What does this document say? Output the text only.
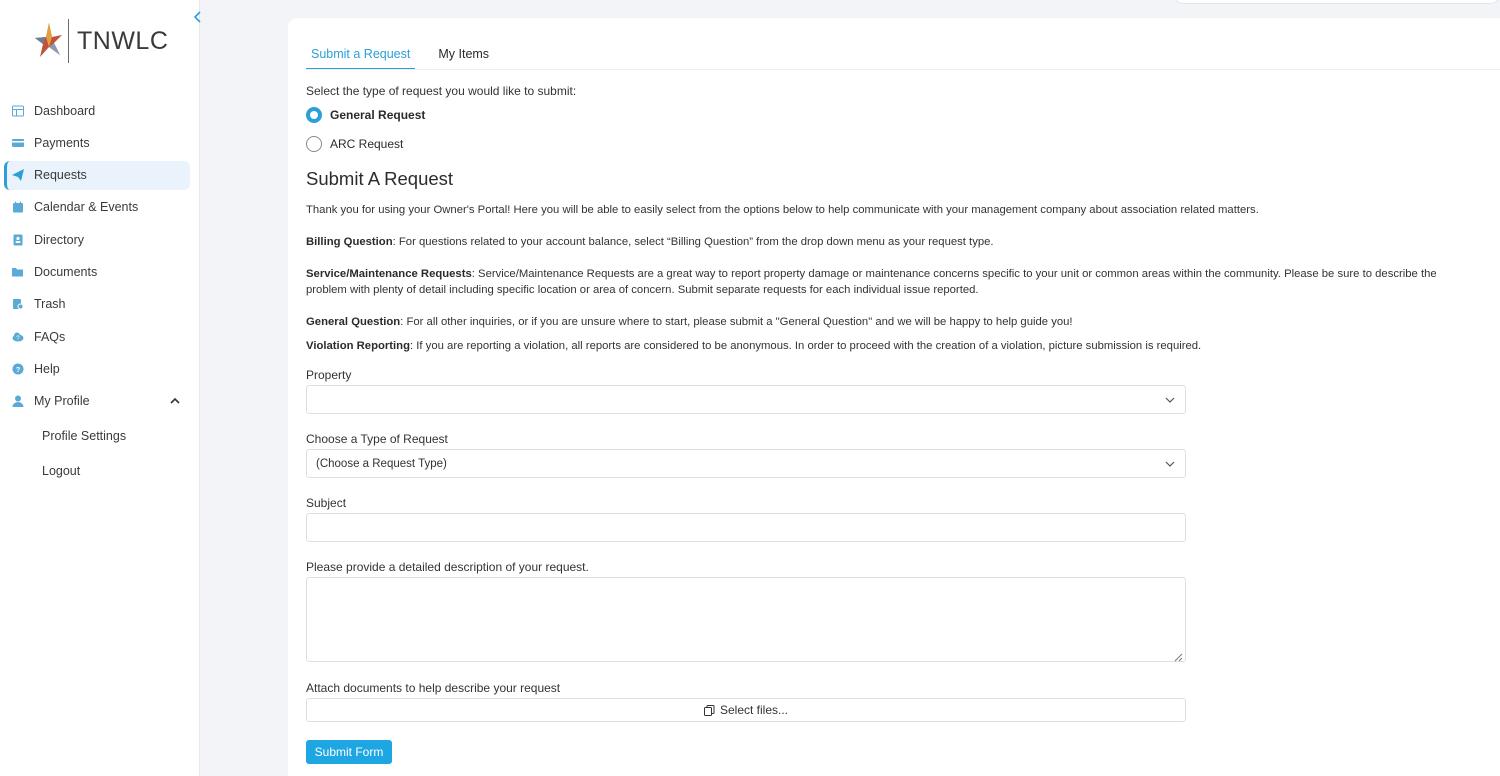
TNWLC
Dashboard
Payments
Requests
Calendar & Events
Directory
Documents
Trash
? FAQs
? Help
My Profile
Profile Settings
Logout
Submit a Request	My Items
Select the type of request you would like to submit:
General Request
ARC Request
Submit A Request
Thank you for using your Owner's Portal! Here you will be able to easily select from the options below to help communicate with your management company about association related matters.
Billing Question: For questions related to your account balance, select “Billing Question” from the drop down menu as your request type.
Service/Maintenance Requests: Service/Maintenance Requests are a great way to report property damage or maintenance concerns specific to your unit or common areas within the community. Please be sure to describe the problem with plenty of detail including specific location or area of concern. Submit separate requests for each individual issue reported.
General Question: For all other inquiries, or if you are unsure where to start, please submit a "General Question" and we will be happy to help guide you!
Violation Reporting: If you are reporting a violation, all reports are considered to be anonymous. In order to proceed with the creation of a violation, picture submission is required.
Property
Choose a Type of Request
(Choose a Request Type)
Subject
Please provide a detailed description of your request.
Attach documents to help describe your request
Select files...
Submit Form
